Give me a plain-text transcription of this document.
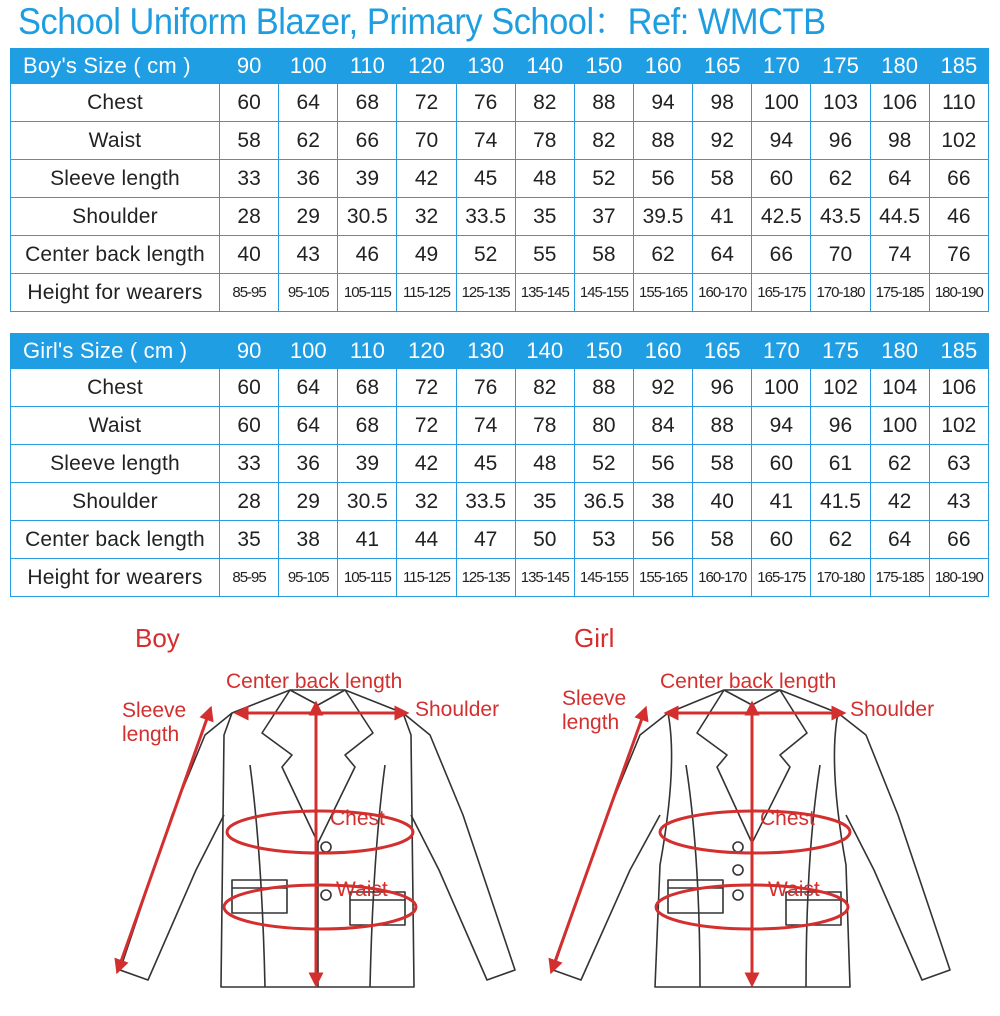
School Uniform Blazer, Primary School：Ref: WMCTB
Boy's Size ( cm )	90	100	110	120	130	140	150	160	165	170	175	180	185
Chest	60	64	68	72	76	82	88	94	98	100	103	106	110
Waist	58	62	66	70	74	78	82	88	92	94	96	98	102
Sleeve length	33	36	39	42	45	48	52	56	58	60	62	64	66
Shoulder	28	29	30.5	32	33.5	35	37	39.5	41	42.5	43.5	44.5	46
Center back length	40	43	46	49	52	55	58	62	64	66	70	74	76
Height for wearers	85-95	95-105	105-115	115-125	125-135	135-145	145-155	155-165	160-170	165-175	170-180	175-185	180-190
Girl's Size ( cm )	90	100	110	120	130	140	150	160	165	170	175	180	185
Chest	60	64	68	72	76	82	88	92	96	100	102	104	106
Waist	60	64	68	72	74	78	80	84	88	94	96	100	102
Sleeve length	33	36	39	42	45	48	52	56	58	60	61	62	63
Shoulder	28	29	30.5	32	33.5	35	36.5	38	40	41	41.5	42	43
Center back length	35	38	41	44	47	50	53	56	58	60	62	64	66
Height for wearers	85-95	95-105	105-115	115-125	125-135	135-145	145-155	155-165	160-170	165-175	170-180	175-185	180-190
Boy
Center back length
Sleeve
length
Shoulder
Chest
Waist
Girl
Center back length
Sleeve
length
Shoulder
Chest
Waist
